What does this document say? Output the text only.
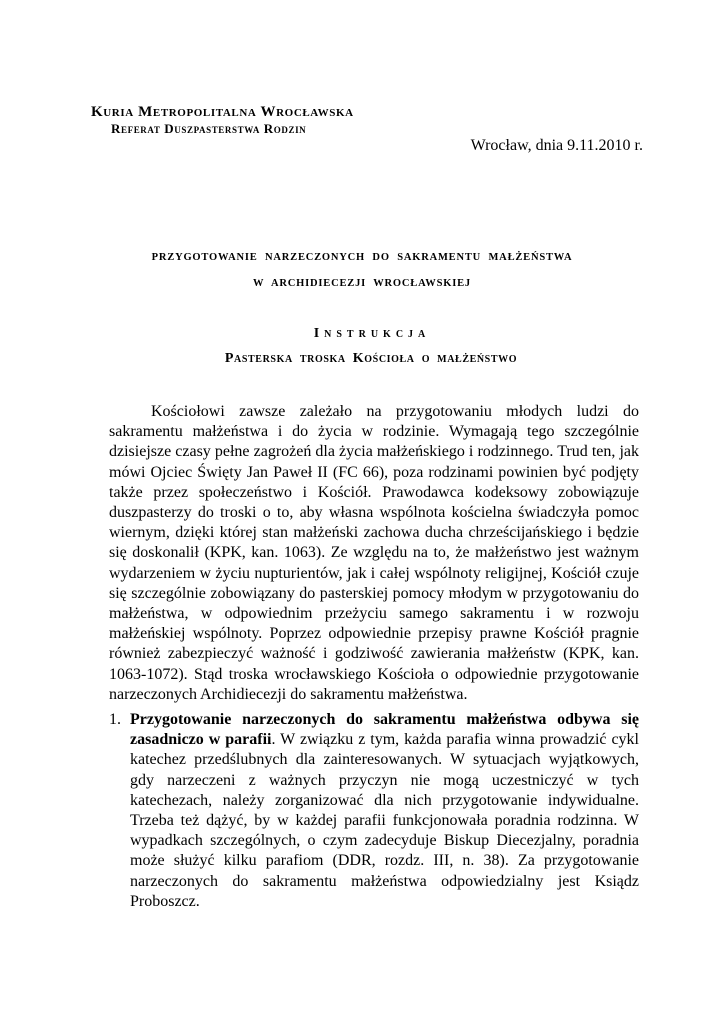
Kuria Metropolitalna Wrocławska
Referat Duszpasterstwa Rodzin
Wrocław, dnia 9.11.2010 r.
PRZYGOTOWANIE NARZECZONYCH DO SAKRAMENTU MAŁŻEŃSTWA
W ARCHIDIECEZJI WROCŁAWSKIEJ
Instrukcja
Pasterska troska Kościoła o małżeństwo

Kościołowi zawsze zależało na przygotowaniu młodych ludzi do sakramentu małżeństwa i do życia w rodzinie. Wymagają tego szczególnie dzisiejsze czasy pełne zagrożeń dla życia małżeńskiego i rodzinnego. Trud ten, jak mówi Ojciec Święty Jan Paweł II (FC 66), poza rodzinami powinien być podjęty także przez społeczeństwo i Kościół. Prawodawca kodeksowy zobowiązuje duszpasterzy do troski o to, aby własna wspólnota kościelna świadczyła pomoc wiernym, dzięki której stan małżeński zachowa ducha chrześcijańskiego i będzie się doskonalił (KPK, kan. 1063). Ze względu na to, że małżeństwo jest ważnym wydarzeniem w życiu nupturientów, jak i całej wspólnoty religijnej, Kościół czuje się szczególnie zobowiązany do pasterskiej pomocy młodym w przygotowaniu do małżeństwa, w odpowiednim przeżyciu samego sakramentu i w rozwoju małżeńskiej wspólnoty. Poprzez odpowiednie przepisy prawne Kościół pragnie również zabezpieczyć ważność i godziwość zawierania małżeństw (KPK, kan. 1063-1072). Stąd troska wrocławskiego Kościoła o odpowiednie przygotowanie narzeczonych Archidiecezji do sakramentu małżeństwa.

1. Przygotowanie narzeczonych do sakramentu małżeństwa odbywa się zasadniczo w parafii. W związku z tym, każda parafia winna prowadzić cykl katechez przedślubnych dla zainteresowanych. W sytuacjach wyjątkowych, gdy narzeczeni z ważnych przyczyn nie mogą uczestniczyć w tych katechezach, należy zorganizować dla nich przygotowanie indywidualne. Trzeba też dążyć, by w każdej parafii funkcjonowała poradnia rodzinna. W wypadkach szczególnych, o czym zadecyduje Biskup Diecezjalny, poradnia może służyć kilku parafiom (DDR, rozdz. III, n. 38). Za przygotowanie narzeczonych do sakramentu małżeństwa odpowiedzialny jest Ksiądz Proboszcz.
